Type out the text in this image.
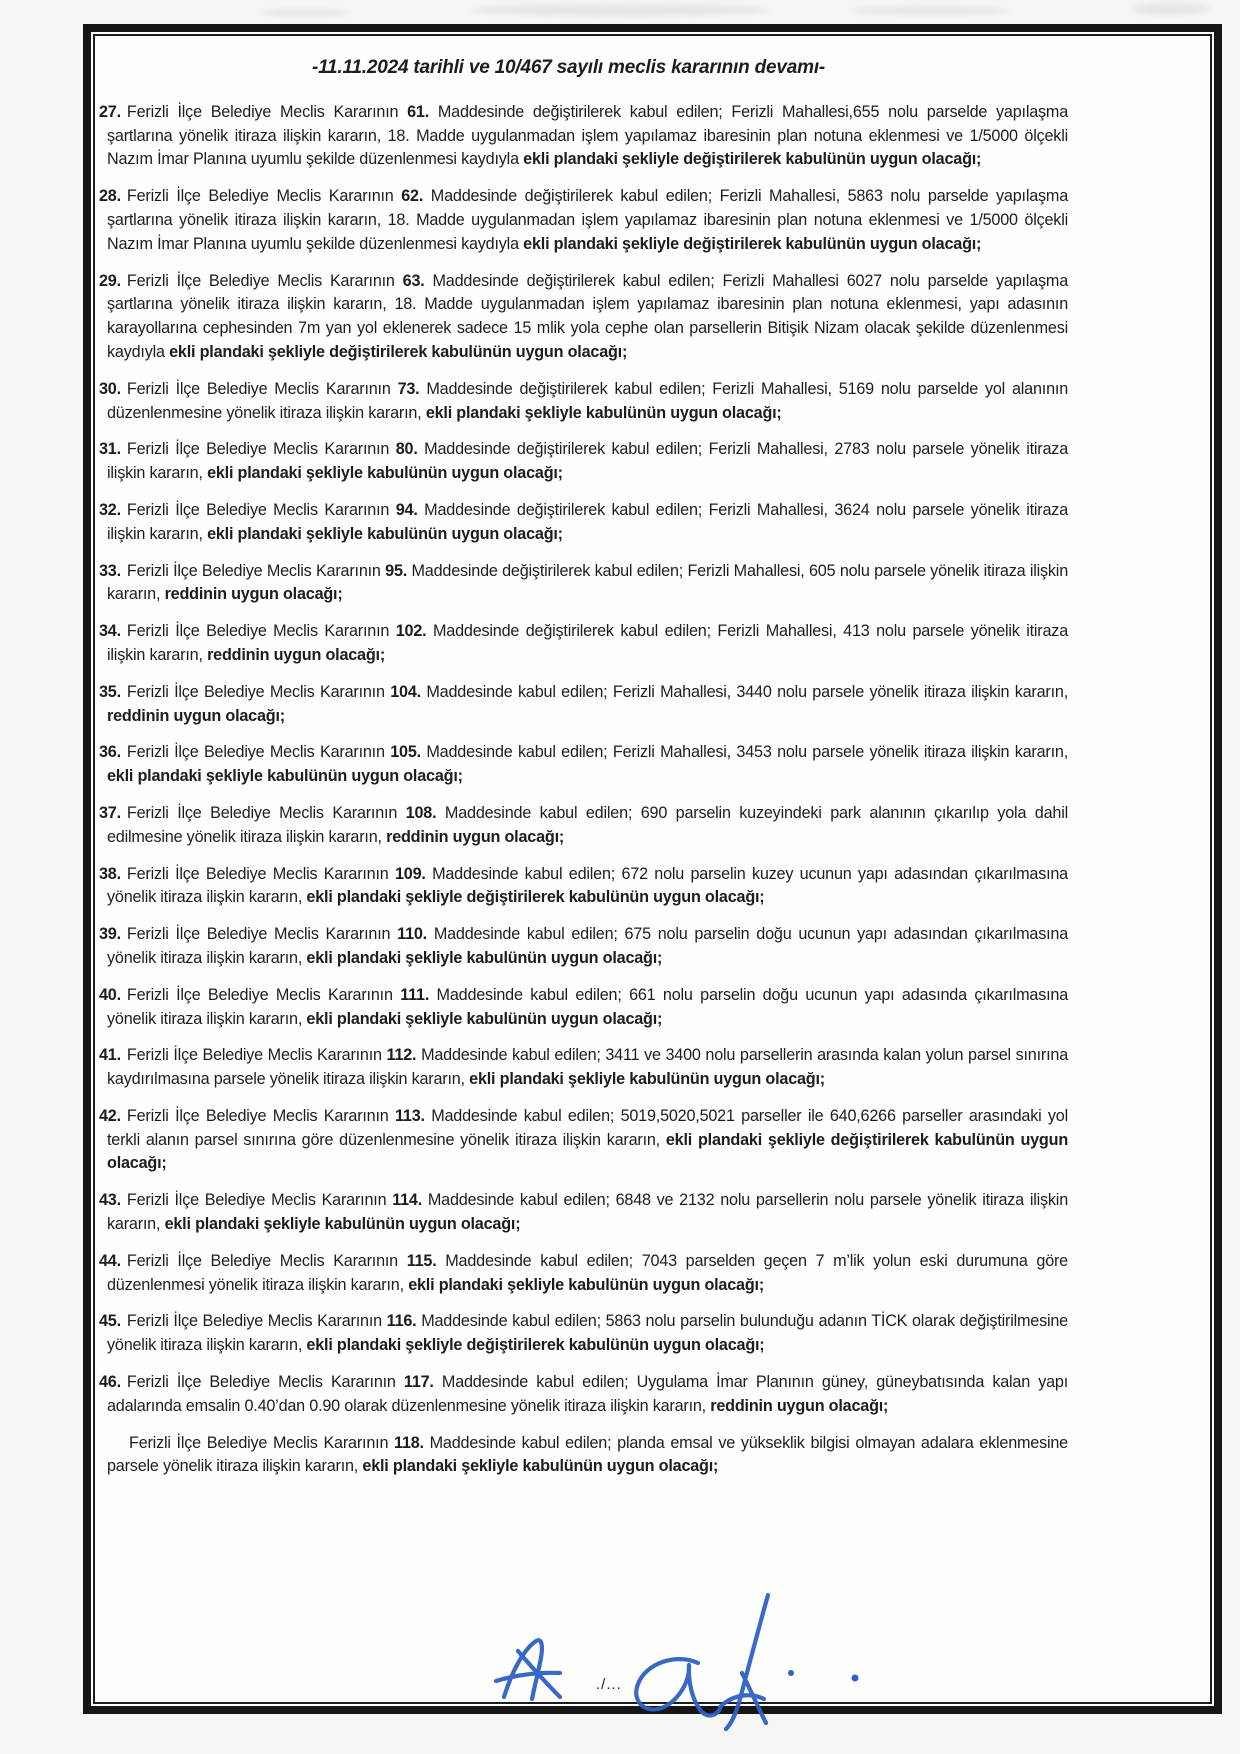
-11.11.2024 tarihli ve 10/467 sayılı meclis kararının devamı-

27. Ferizli İlçe Belediye Meclis Kararının 61. Maddesinde değiştirilerek kabul edilen; Ferizli Mahallesi,655 nolu parselde yapılaşma şartlarına yönelik itiraza ilişkin kararın, 18. Madde uygulanmadan işlem yapılamaz ibaresinin plan notuna eklenmesi ve 1/5000 ölçekli Nazım İmar Planına uyumlu şekilde düzenlenmesi kaydıyla ekli plandaki şekliyle değiştirilerek kabulünün uygun olacağı;

28. Ferizli İlçe Belediye Meclis Kararının 62. Maddesinde değiştirilerek kabul edilen; Ferizli Mahallesi, 5863 nolu parselde yapılaşma şartlarına yönelik itiraza ilişkin kararın, 18. Madde uygulanmadan işlem yapılamaz ibaresinin plan notuna eklenmesi ve 1/5000 ölçekli Nazım İmar Planına uyumlu şekilde düzenlenmesi kaydıyla ekli plandaki şekliyle değiştirilerek kabulünün uygun olacağı;

29. Ferizli İlçe Belediye Meclis Kararının 63. Maddesinde değiştirilerek kabul edilen; Ferizli Mahallesi 6027 nolu parselde yapılaşma şartlarına yönelik itiraza ilişkin kararın, 18. Madde uygulanmadan işlem yapılamaz ibaresinin plan notuna eklenmesi, yapı adasının karayollarına cephesinden 7m yan yol eklenerek sadece 15 mlik yola cephe olan parsellerin Bitişik Nizam olacak şekilde düzenlenmesi kaydıyla ekli plandaki şekliyle değiştirilerek kabulünün uygun olacağı;

30. Ferizli İlçe Belediye Meclis Kararının 73. Maddesinde değiştirilerek kabul edilen; Ferizli Mahallesi, 5169 nolu parselde yol alanının düzenlenmesine yönelik itiraza ilişkin kararın, ekli plandaki şekliyle kabulünün uygun olacağı;

31. Ferizli İlçe Belediye Meclis Kararının 80. Maddesinde değiştirilerek kabul edilen; Ferizli Mahallesi, 2783 nolu parsele yönelik itiraza ilişkin kararın, ekli plandaki şekliyle kabulünün uygun olacağı;

32. Ferizli İlçe Belediye Meclis Kararının 94. Maddesinde değiştirilerek kabul edilen; Ferizli Mahallesi, 3624 nolu parsele yönelik itiraza ilişkin kararın, ekli plandaki şekliyle kabulünün uygun olacağı;

33. Ferizli İlçe Belediye Meclis Kararının 95. Maddesinde değiştirilerek kabul edilen; Ferizli Mahallesi, 605 nolu parsele yönelik itiraza ilişkin kararın, reddinin uygun olacağı;

34. Ferizli İlçe Belediye Meclis Kararının 102. Maddesinde değiştirilerek kabul edilen; Ferizli Mahallesi, 413 nolu parsele yönelik itiraza ilişkin kararın, reddinin uygun olacağı;

35. Ferizli İlçe Belediye Meclis Kararının 104. Maddesinde kabul edilen; Ferizli Mahallesi, 3440 nolu parsele yönelik itiraza ilişkin kararın, reddinin uygun olacağı;

36. Ferizli İlçe Belediye Meclis Kararının 105. Maddesinde kabul edilen; Ferizli Mahallesi, 3453 nolu parsele yönelik itiraza ilişkin kararın, ekli plandaki şekliyle kabulünün uygun olacağı;

37. Ferizli İlçe Belediye Meclis Kararının 108. Maddesinde kabul edilen; 690 parselin kuzeyindeki park alanının çıkarılıp yola dahil edilmesine yönelik itiraza ilişkin kararın, reddinin uygun olacağı;

38. Ferizli İlçe Belediye Meclis Kararının 109. Maddesinde kabul edilen; 672 nolu parselin kuzey ucunun yapı adasından çıkarılmasına yönelik itiraza ilişkin kararın, ekli plandaki şekliyle değiştirilerek kabulünün uygun olacağı;

39. Ferizli İlçe Belediye Meclis Kararının 110. Maddesinde kabul edilen; 675 nolu parselin doğu ucunun yapı adasından çıkarılmasına yönelik itiraza ilişkin kararın, ekli plandaki şekliyle kabulünün uygun olacağı;

40. Ferizli İlçe Belediye Meclis Kararının 111. Maddesinde kabul edilen; 661 nolu parselin doğu ucunun yapı adasında çıkarılmasına yönelik itiraza ilişkin kararın, ekli plandaki şekliyle kabulünün uygun olacağı;

41. Ferizli İlçe Belediye Meclis Kararının 112. Maddesinde kabul edilen; 3411 ve 3400 nolu parsellerin arasında kalan yolun parsel sınırına kaydırılmasına parsele yönelik itiraza ilişkin kararın, ekli plandaki şekliyle kabulünün uygun olacağı;

42. Ferizli İlçe Belediye Meclis Kararının 113. Maddesinde kabul edilen; 5019,5020,5021 parseller ile 640,6266 parseller arasındaki yol terkli alanın parsel sınırına göre düzenlenmesine yönelik itiraza ilişkin kararın, ekli plandaki şekliyle değiştirilerek kabulünün uygun olacağı;

43. Ferizli İlçe Belediye Meclis Kararının 114. Maddesinde kabul edilen; 6848 ve 2132 nolu parsellerin nolu parsele yönelik itiraza ilişkin kararın, ekli plandaki şekliyle kabulünün uygun olacağı;

44. Ferizli İlçe Belediye Meclis Kararının 115. Maddesinde kabul edilen; 7043 parselden geçen 7 m’lik yolun eski durumuna göre düzenlenmesi yönelik itiraza ilişkin kararın, ekli plandaki şekliyle kabulünün uygun olacağı;

45. Ferizli İlçe Belediye Meclis Kararının 116. Maddesinde kabul edilen; 5863 nolu parselin bulunduğu adanın TİCK olarak değiştirilmesine yönelik itiraza ilişkin kararın, ekli plandaki şekliyle değiştirilerek kabulünün uygun olacağı;

46. Ferizli İlçe Belediye Meclis Kararının 117. Maddesinde kabul edilen; Uygulama İmar Planının güney, güneybatısında kalan yapı adalarında emsalin 0.40’dan 0.90 olarak düzenlenmesine yönelik itiraza ilişkin kararın, reddinin uygun olacağı;

Ferizli İlçe Belediye Meclis Kararının 118. Maddesinde kabul edilen; planda emsal ve yükseklik bilgisi olmayan adalara eklenmesine parsele yönelik itiraza ilişkin kararın, ekli plandaki şekliyle kabulünün uygun olacağı;

./...
